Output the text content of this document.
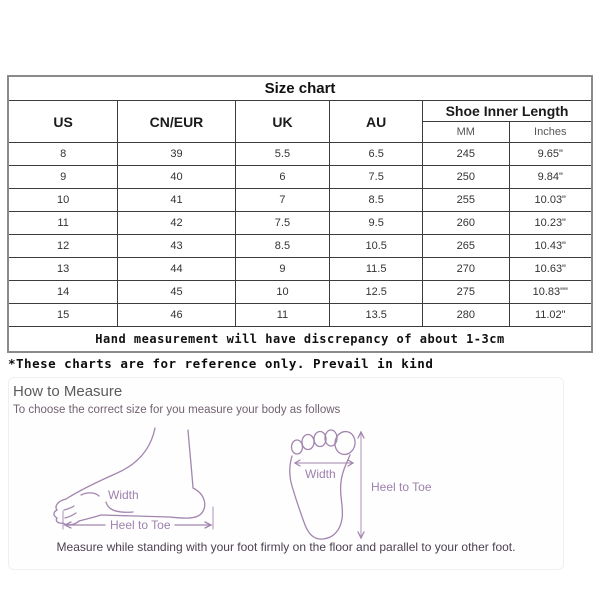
Size chart					
US	CN/EUR	UK	AU	Shoe Inner Length	
				MM	Inches
8	39	5.5	6.5	245	9.65"
9	40	6	7.5	250	9.84"
10	41	7	8.5	255	10.03"
11	42	7.5	9.5	260	10.23"
12	43	8.5	10.5	265	10.43"
13	44	9	11.5	270	10.63"
14	45	10	12.5	275	10.83""
15	46	11	13.5	280	11.02"
Hand measurement will have discrepancy of about 1-3cm					
*These charts are for reference only. Prevail in kind
How to Measure
To choose the correct size for you measure your body as follows
Width
Heel to Toe
Width
Heel to Toe
Measure while standing with your foot firmly on the floor and parallel to your other foot.
